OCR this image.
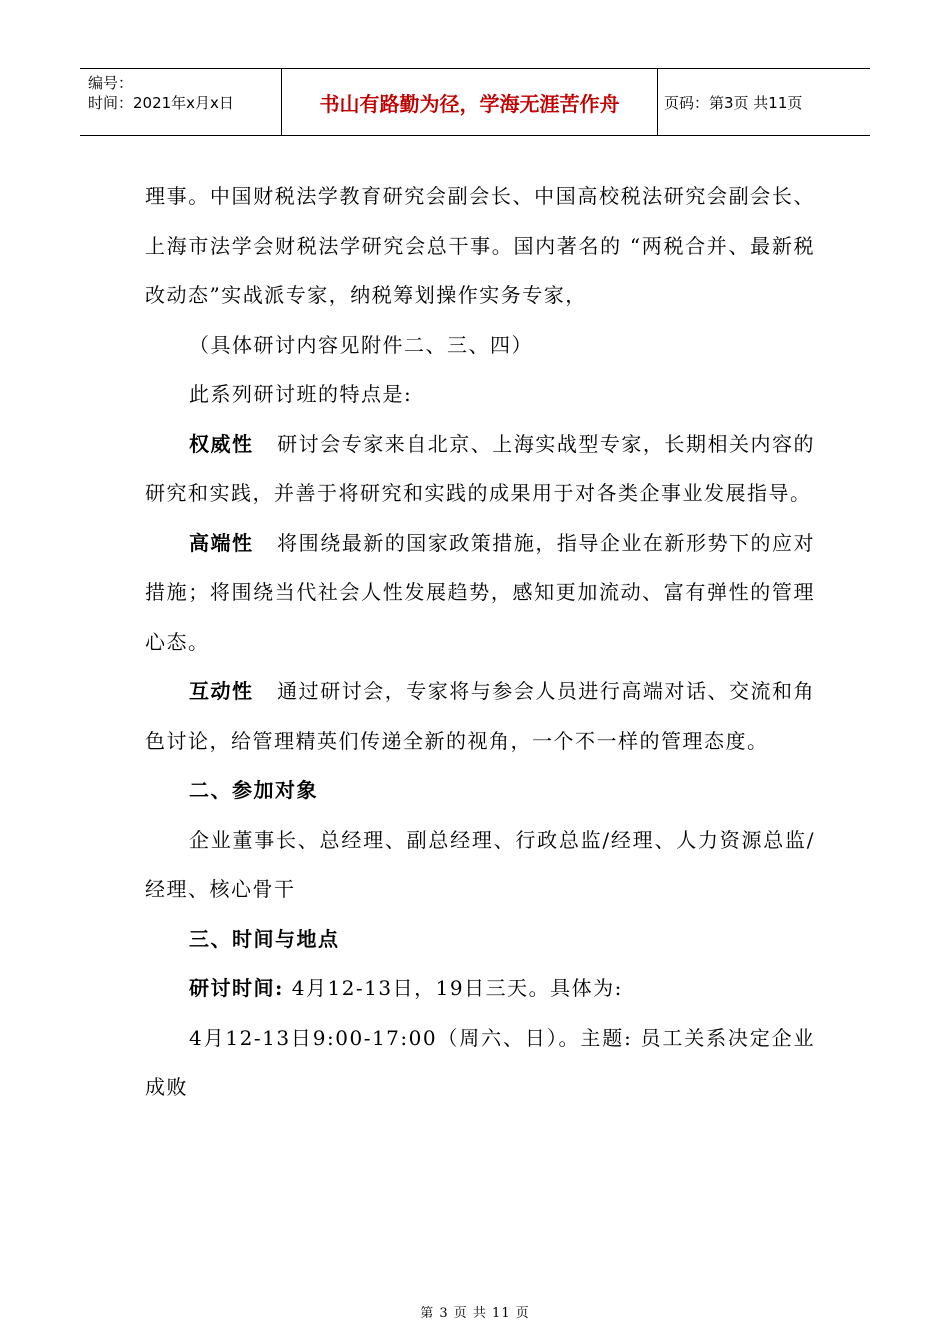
编号：
时间：2021年x月x日	书山有路勤为径，学海无涯苦作舟	页码：第3页 共11页

理事。中国财税法学教育研究会副会长、中国高校税法研究会副会长、上海市法学会财税法学研究会总干事。国内著名的 “两税合并、最新税改动态”实战派专家，纳税筹划操作实务专家，

（具体研讨内容见附件二、三、四）

此系列研讨班的特点是:

权威性 研讨会专家来自北京、上海实战型专家，长期相关内容的研究和实践，并善于将研究和实践的成果用于对各类企事业发展指导。

高端性 将围绕最新的国家政策措施，指导企业在新形势下的应对措施；将围绕当代社会人性发展趋势，感知更加流动、富有弹性的管理心态。

互动性 通过研讨会，专家将与参会人员进行高端对话、交流和角色讨论，给管理精英们传递全新的视角，一个不一样的管理态度。

二、参加对象

企业董事长、总经理、副总经理、行政总监/经理、人力资源总监/经理、核心骨干

三、时间与地点

研讨时间: 4月12-13日，19日三天。具体为:

4月12-13日9:00-17:00（周六、日）。主题: 员工关系决定企业成败

第 3 页 共 11 页
